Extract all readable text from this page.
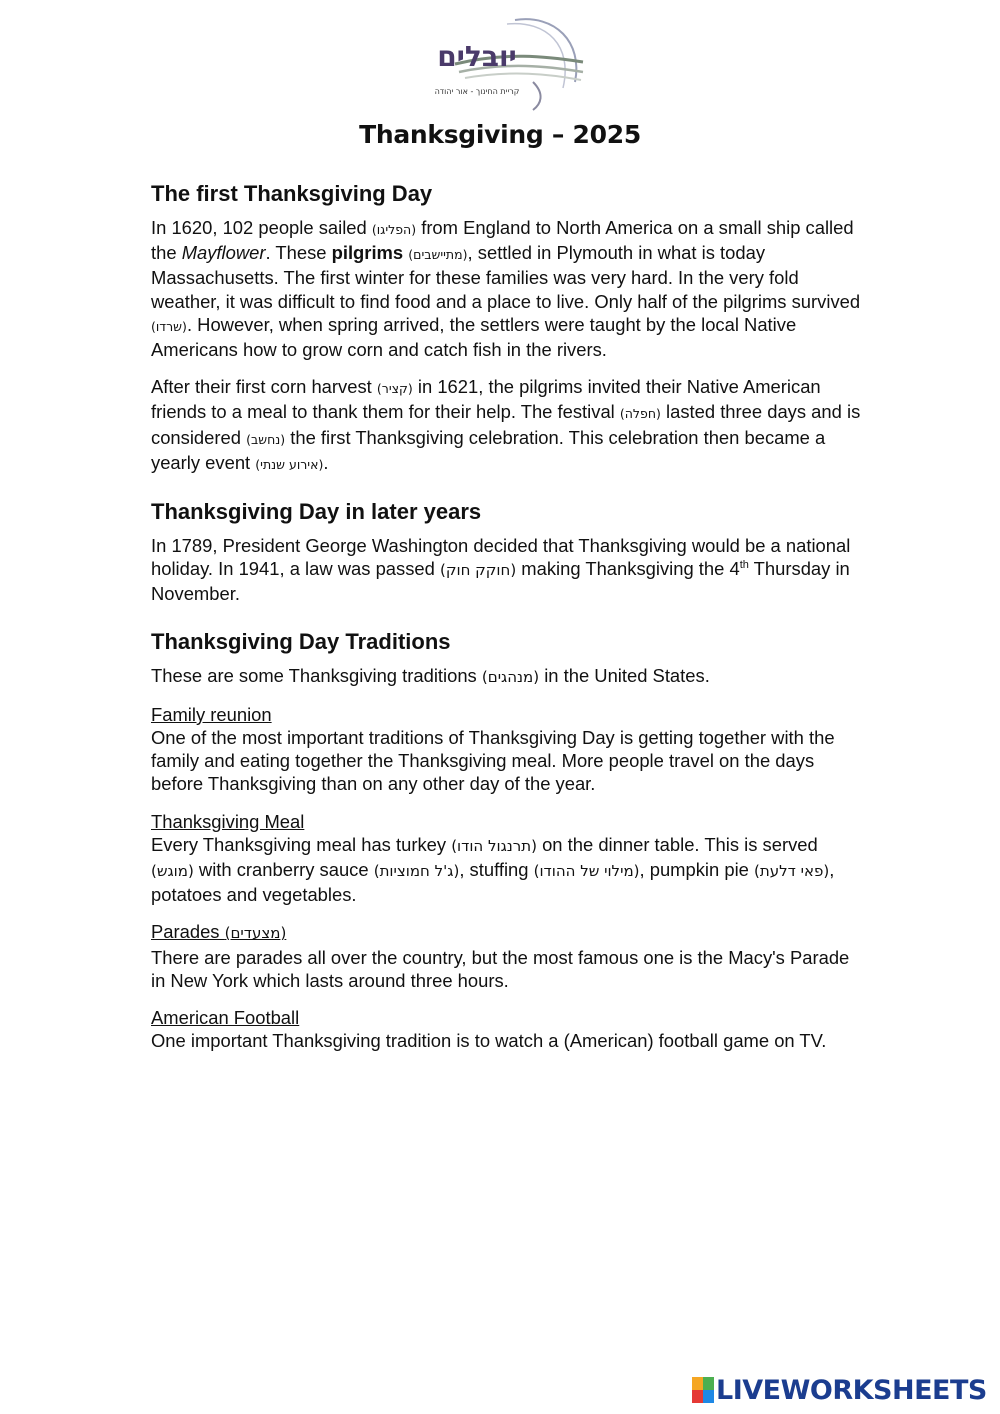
יובלים
קריית החינוך - אור יהודה
Thanksgiving – 2025
The first Thanksgiving Day

In 1620, 102 people sailed (הפליגו) from England to North America on a small ship called the Mayflower. These pilgrims (מתיישבים), settled in Plymouth in what is today Massachusetts. The first winter for these families was very hard. In the very fold weather, it was difficult to find food and a place to live. Only half of the pilgrims survived (שרדו). However, when spring arrived, the settlers were taught by the local Native Americans how to grow corn and catch fish in the rivers.

After their first corn harvest (קציר) in 1621, the pilgrims invited their Native American friends to a meal to thank them for their help. The festival (חפלה) lasted three days and is considered (נחשב) the first Thanksgiving celebration. This celebration then became a yearly event (אירוע שנתי).

Thanksgiving Day in later years

In 1789, President George Washington decided that Thanksgiving would be a national holiday. In 1941, a law was passed (חוקק חוק) making Thanksgiving the 4th Thursday in November.

Thanksgiving Day Traditions

These are some Thanksgiving traditions (מנהגים) in the United States.

Family reunion

One of the most important traditions of Thanksgiving Day is getting together with the family and eating together the Thanksgiving meal. More people travel on the days before Thanksgiving than on any other day of the year.

Thanksgiving Meal

Every Thanksgiving meal has turkey (תרנגול הודו) on the dinner table. This is served (מוגש) with cranberry sauce (ג'ל חמוציות), stuffing (מילוי של ההודו), pumpkin pie (פאי דלעת), potatoes and vegetables.

Parades (מצעדים)

There are parades all over the country, but the most famous one is the Macy's Parade in New York which lasts around three hours.

American Football

One important Thanksgiving tradition is to watch a (American) football game on TV.

LIVEWORKSHEETS
